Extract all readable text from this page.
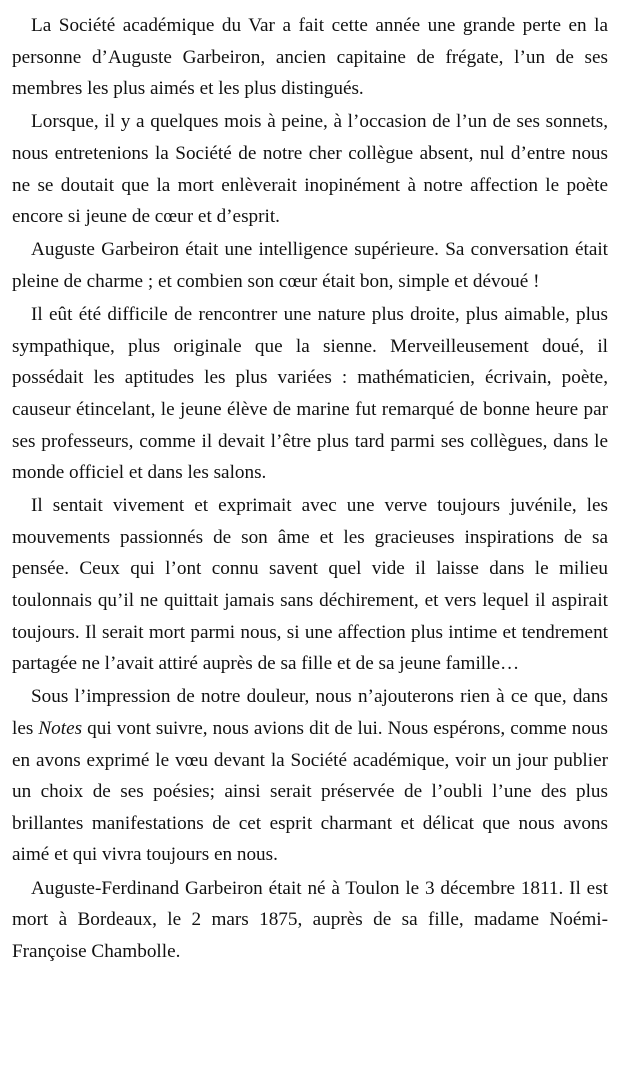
La Société académique du Var a fait cette année une grande perte en la personne d’Auguste Garbeiron, ancien capitaine de frégate, l’un de ses membres les plus aimés et les plus distingués.

Lorsque, il y a quelques mois à peine, à l’occasion de l’un de ses sonnets, nous entretenions la Société de notre cher collègue absent, nul d’entre nous ne se doutait que la mort enlèverait inopinément à notre affection le poète encore si jeune de cœur et d’esprit.

Auguste Garbeiron était une intelligence supérieure. Sa conversation était pleine de charme ; et combien son cœur était bon, simple et dévoué !

Il eût été difficile de rencontrer une nature plus droite, plus aimable, plus sympathique, plus originale que la sienne. Merveilleusement doué, il possédait les aptitudes les plus variées : mathématicien, écrivain, poète, causeur étincelant, le jeune élève de marine fut remarqué de bonne heure par ses professeurs, comme il devait l’être plus tard parmi ses collègues, dans le monde officiel et dans les salons.

Il sentait vivement et exprimait avec une verve toujours juvénile, les mouvements passionnés de son âme et les gracieuses inspirations de sa pensée. Ceux qui l’ont connu savent quel vide il laisse dans le milieu toulonnais qu’il ne quittait jamais sans déchirement, et vers lequel il aspirait toujours. Il serait mort parmi nous, si une affection plus intime et tendrement partagée ne l’avait attiré auprès de sa fille et de sa jeune famille…

Sous l’impression de notre douleur, nous n’ajouterons rien à ce que, dans les Notes qui vont suivre, nous avions dit de lui. Nous espérons, comme nous en avons exprimé le vœu devant la Société académique, voir un jour publier un choix de ses poésies; ainsi serait préservée de l’oubli l’une des plus brillantes manifestations de cet esprit charmant et délicat que nous avons aimé et qui vivra toujours en nous.

Auguste-Ferdinand Garbeiron était né à Toulon le 3 décembre 1811. Il est mort à Bordeaux, le 2 mars 1875, auprès de sa fille, madame Noémi-Françoise Chambolle.
